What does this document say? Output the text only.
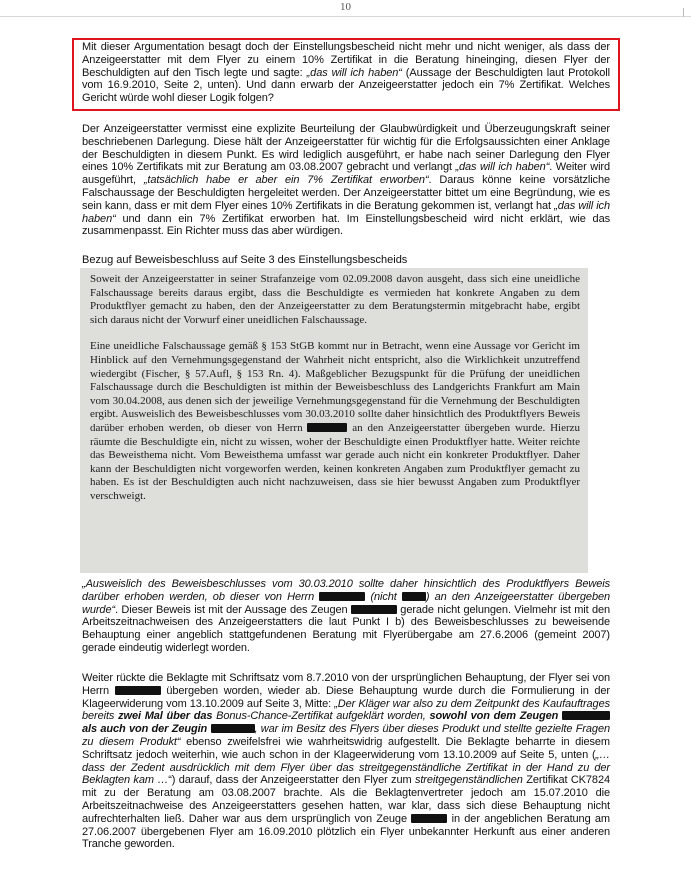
10
Mit dieser Argumentation besagt doch der Einstellungsbescheid nicht mehr und nicht weniger, als dass der Anzeigeerstatter mit dem Flyer zu einem 10% Zertifikat in die Beratung hineinging, diesen Flyer der Beschuldigten auf den Tisch legte und sagte: „das will ich haben“ (Aussage der Beschuldigten laut Protokoll vom 16.9.2010, Seite 2, unten). Und dann erwarb der Anzeigeerstatter jedoch ein 7% Zertifikat. Welches Gericht würde wohl dieser Logik folgen?
Der Anzeigeerstatter vermisst eine explizite Beurteilung der Glaubwürdigkeit und Überzeugungskraft seiner beschriebenen Darlegung. Diese hält der Anzeigeerstatter für wichtig für die Erfolgsaussichten einer Anklage der Beschuldigten in diesem Punkt. Es wird lediglich ausgeführt, er habe nach seiner Darlegung den Flyer eines 10% Zertifikats mit zur Beratung am 03.08.2007 gebracht und verlangt „das will ich haben“. Weiter wird ausgeführt, „tatsächlich habe er aber ein 7% Zertifikat erworben“. Daraus könne keine vorsätzliche Falschaussage der Beschuldigten hergeleitet werden. Der Anzeigeerstatter bittet um eine Begründung, wie es sein kann, dass er mit dem Flyer eines 10% Zertifikats in die Beratung gekommen ist, verlangt hat „das will ich haben“ und dann ein 7% Zertifikat erworben hat. Im Einstellungsbescheid wird nicht erklärt, wie das zusammenpasst. Ein Richter muss das aber würdigen.
Bezug auf Beweisbeschluss auf Seite 3 des Einstellungsbescheids

Soweit der Anzeigeerstatter in seiner Strafanzeige vom 02.09.2008 davon ausgeht, dass sich eine uneidliche Falschaussage bereits daraus ergibt, dass die Beschuldigte es vermieden hat konkrete Angaben zu dem Produktflyer gemacht zu haben, den der Anzeigeerstatter zu dem Beratungstermin mitgebracht habe, ergibt sich daraus nicht der Vorwurf einer uneidlichen Falschaussage.

Eine uneidliche Falschaussage gemäß § 153 StGB kommt nur in Betracht, wenn eine Aussage vor Gericht im Hinblick auf den Vernehmungsgegenstand der Wahrheit nicht entspricht, also die Wirklichkeit unzutreffend wiedergibt (Fischer, § 57.Aufl, § 153 Rn. 4). Maßgeblicher Bezugspunkt für die Prüfung der uneidlichen Falschaussage durch die Beschuldigten ist mithin der Beweisbeschluss des Landgerichts Frankfurt am Main vom 30.04.2008, aus denen sich der jeweilige Vernehmungsgegenstand für die Vernehmung der Beschuldigten ergibt. Ausweislich des Beweisbeschlusses vom 30.03.2010 sollte daher hinsichtlich des Produktflyers Beweis darüber erhoben werden, ob dieser von Herrn	an den Anzeigeerstatter übergeben wurde. Hierzu räumte die Beschuldigte ein, nicht zu wissen, woher der Beschuldigte einen Produktflyer hatte. Weiter reichte das Beweisthema nicht. Vom Beweisthema umfasst war gerade auch nicht ein konkreter Produktflyer. Daher kann der Beschuldigten nicht vorgeworfen werden, keinen konkreten Angaben zum Produktflyer gemacht zu haben. Es ist der Beschuldigten auch nicht nachzuweisen, dass sie hier bewusst Angaben zum Produktflyer verschweigt.

„Ausweislich des Beweisbeschlusses vom 30.03.2010 sollte daher hinsichtlich des Produktflyers Beweis darüber erhoben werden, ob dieser von Herrn	(nicht ) an den Anzeigeerstatter übergeben wurde“. Dieser Beweis ist mit der Aussage des Zeugen	gerade nicht gelungen. Vielmehr ist mit den Arbeitszeitnachweisen des Anzeigeerstatters die laut Punkt I b) des Beweisbeschlusses zu beweisende Behauptung einer angeblich stattgefundenen Beratung mit Flyerübergabe am 27.6.2006 (gemeint 2007) gerade eindeutig widerlegt worden.
Weiter rückte die Beklagte mit Schriftsatz vom 8.7.2010 von der ursprünglichen Behauptung, der Flyer sei von Herrn	übergeben worden, wieder ab. Diese Behauptung wurde durch die Formulierung in der Klageerwiderung vom 13.10.2009 auf Seite 3, Mitte: „Der Kläger war also zu dem Zeitpunkt des Kaufauftrages bereits zwei Mal über das Bonus-Chance-Zertifikat aufgeklärt worden, sowohl von dem Zeugen  als auch von der Zeugin	, war im Besitz des Flyers über dieses Produkt und stellte gezielte Fragen zu diesem Produkt“ ebenso zweifelsfrei wie wahrheitswidrig aufgestellt. Die Beklagte beharrte in diesem Schriftsatz jedoch weiterhin, wie auch schon in der Klageerwiderung vom 13.10.2009 auf Seite 5, unten („… dass der Zedent ausdrücklich mit dem Flyer über das streitgegenständliche Zertifikat in der Hand zu der Beklagten kam …“) darauf, dass der Anzeigeerstatter den Flyer zum streitgegenständlichen Zertifikat CK7824 mit zu der Beratung am 03.08.2007 brachte. Als die Beklagtenvertreter jedoch am 15.07.2010 die Arbeitszeitnachweise des Anzeigeerstatters gesehen hatten, war klar, dass sich diese Behauptung nicht aufrechterhalten ließ. Daher war aus dem ursprünglich von Zeuge	in der angeblichen Beratung am 27.06.2007 übergebenen Flyer am 16.09.2010 plötzlich ein Flyer unbekannter Herkunft aus einer anderen Tranche geworden.
